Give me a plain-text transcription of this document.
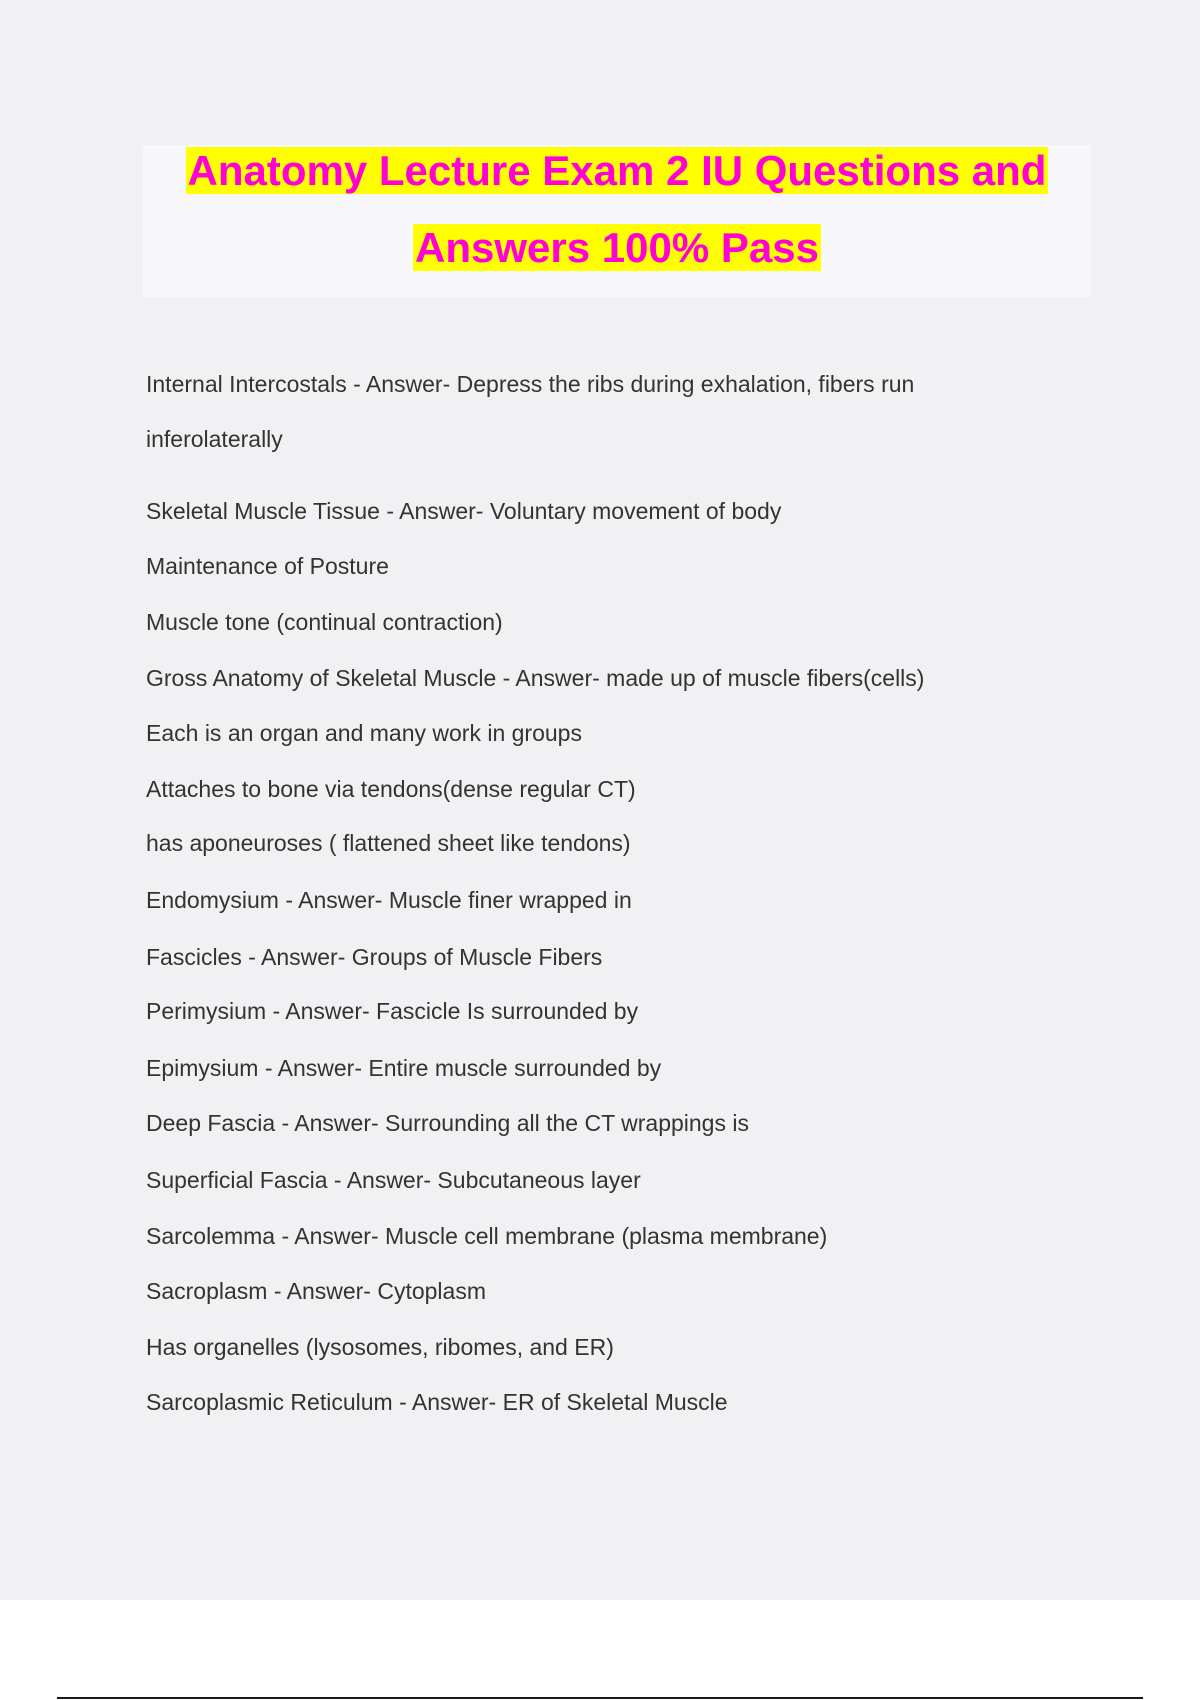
Anatomy Lecture Exam 2 IU Questions and
Answers 100% Pass
Internal Intercostals - Answer- Depress the ribs during exhalation, fibers run
inferolaterally
Skeletal Muscle Tissue - Answer- Voluntary movement of body
Maintenance of Posture
Muscle tone (continual contraction)
Gross Anatomy of Skeletal Muscle - Answer- made up of muscle fibers(cells)
Each is an organ and many work in groups
Attaches to bone via tendons(dense regular CT)
has aponeuroses ( flattened sheet like tendons)
Endomysium - Answer- Muscle finer wrapped in
Fascicles - Answer- Groups of Muscle Fibers
Perimysium - Answer- Fascicle Is surrounded by
Epimysium - Answer- Entire muscle surrounded by
Deep Fascia - Answer- Surrounding all the CT wrappings is
Superficial Fascia - Answer- Subcutaneous layer
Sarcolemma - Answer- Muscle cell membrane (plasma membrane)
Sacroplasm - Answer- Cytoplasm
Has organelles (lysosomes, ribomes, and ER)
Sarcoplasmic Reticulum - Answer- ER of Skeletal Muscle
